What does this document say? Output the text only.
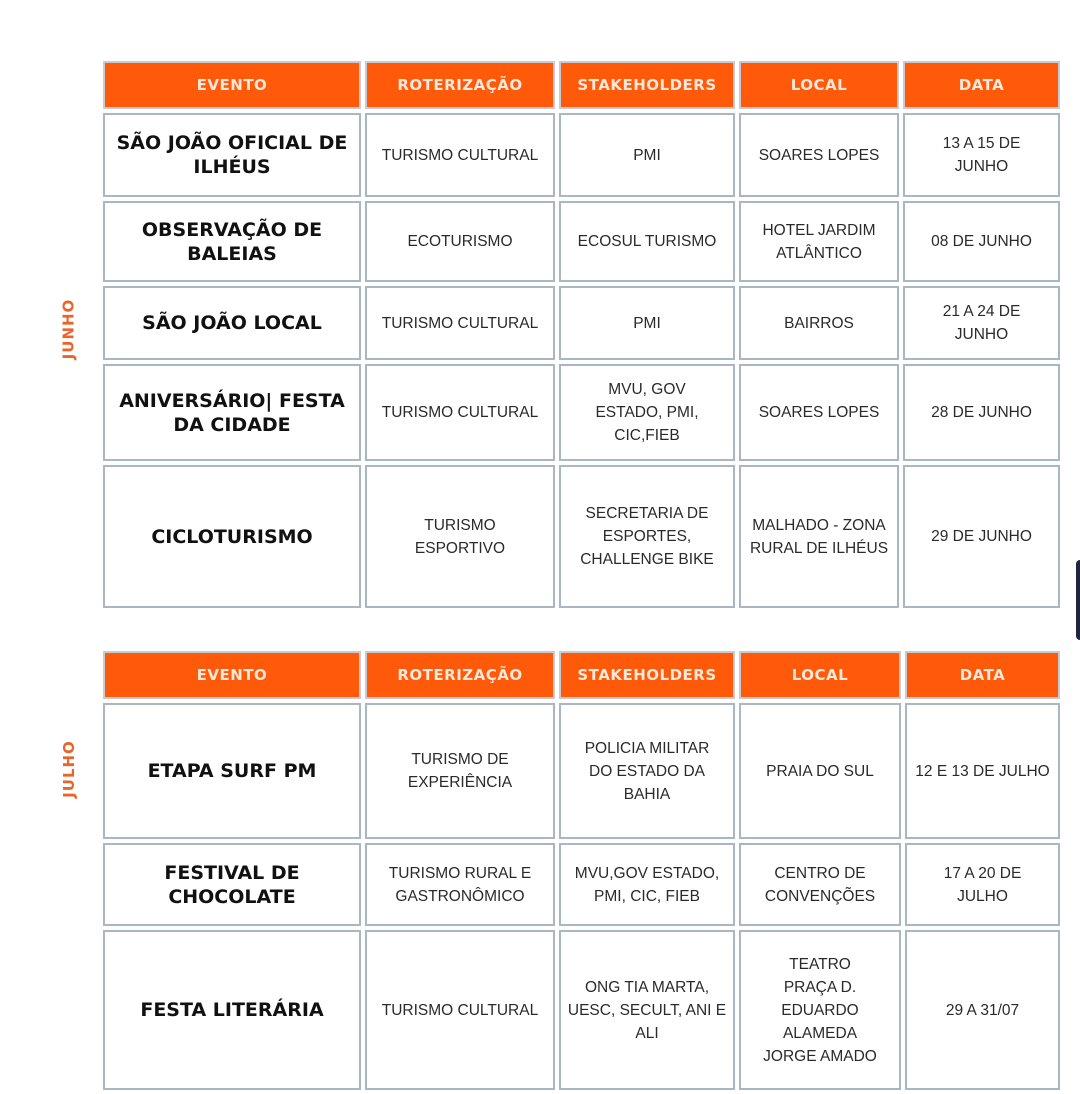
JUNHO
EVENTO	ROTERIZAÇÃO	STAKEHOLDERS	LOCAL	DATA
SÃO JOÃO OFICIAL DE ILHÉUS	TURISMO CULTURAL	PMI	SOARES LOPES	13 A 15 DE JUNHO
OBSERVAÇÃO DE BALEIAS	ECOTURISMO	ECOSUL TURISMO	HOTEL JARDIM ATLÂNTICO	08 DE JUNHO
SÃO JOÃO LOCAL	TURISMO CULTURAL	PMI	BAIRROS	21 A 24 DE JUNHO
ANIVERSÁRIO| FESTA DA CIDADE	TURISMO CULTURAL	MVU, GOV ESTADO, PMI, CIC,FIEB	SOARES LOPES	28 DE JUNHO
CICLOTURISMO	TURISMO ESPORTIVO	SECRETARIA DE ESPORTES, CHALLENGE BIKE	MALHADO - ZONA RURAL DE ILHÉUS	29 DE JUNHO
JULHO
EVENTO	ROTERIZAÇÃO	STAKEHOLDERS	LOCAL	DATA
ETAPA SURF PM	TURISMO DE EXPERIÊNCIA	POLICIA MILITAR DO ESTADO DA BAHIA	PRAIA DO SUL	12 E 13 DE JULHO
FESTIVAL DE CHOCOLATE	TURISMO RURAL E GASTRONÔMICO	MVU,GOV ESTADO, PMI, CIC, FIEB	CENTRO DE CONVENÇÕES	17 A 20 DE JULHO
FESTA LITERÁRIA	TURISMO CULTURAL	ONG TIA MARTA, UESC, SECULT, ANI E ALI	TEATRO PRAÇA D. EDUARDO ALAMEDA JORGE AMADO	29 A 31/07
